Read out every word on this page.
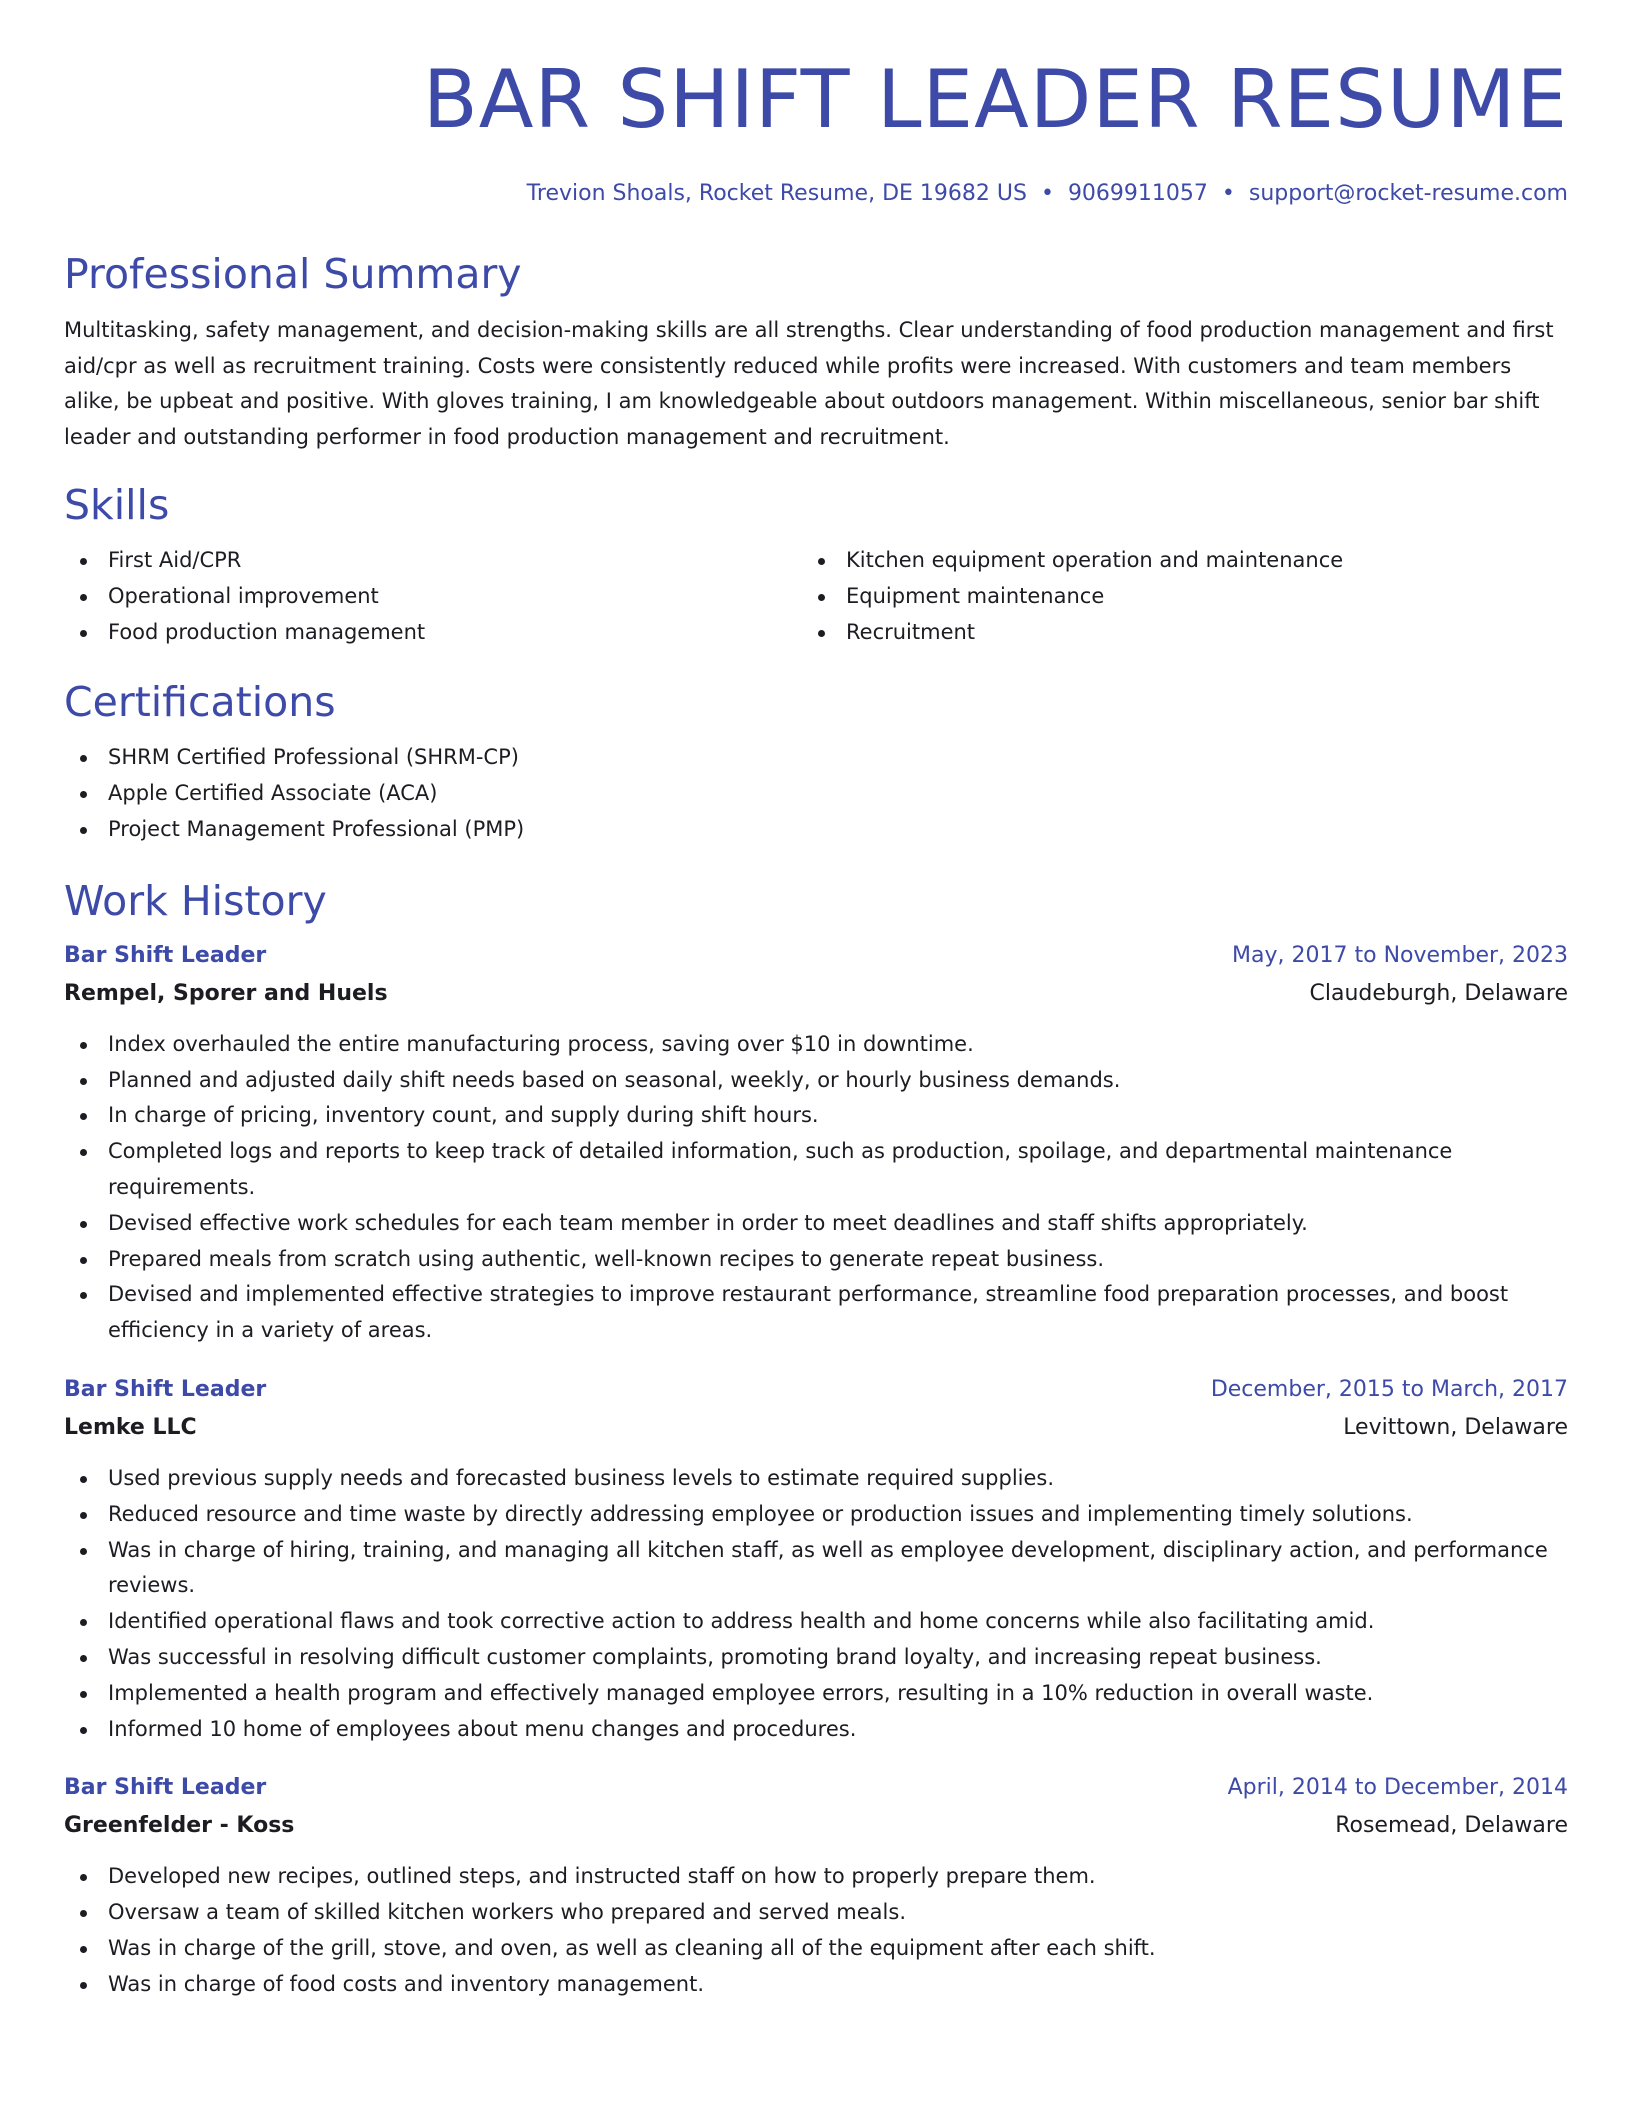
BAR SHIFT LEADER RESUME
Trevion Shoals, Rocket Resume, DE 19682 US • 9069911057 • support@rocket-resume.com
Professional Summary

Multitasking, safety management, and decision-making skills are all strengths. Clear understanding of food production management and first aid/cpr as well as recruitment training. Costs were consistently reduced while profits were increased. With customers and team members alike, be upbeat and positive. With gloves training, I am knowledgeable about outdoors management. Within miscellaneous, senior bar shift leader and outstanding performer in food production management and recruitment.

Skills
First Aid/CPR
Operational improvement
Food production management
Kitchen equipment operation and maintenance
Equipment maintenance
Recruitment
Certifications
SHRM Certified Professional (SHRM-CP)
Apple Certified Associate (ACA)
Project Management Professional (PMP)
Work History
Bar Shift Leader	May, 2017 to November, 2023
Rempel, Sporer and Huels	Claudeburgh, Delaware
Index overhauled the entire manufacturing process, saving over $10 in downtime.
Planned and adjusted daily shift needs based on seasonal, weekly, or hourly business demands.
In charge of pricing, inventory count, and supply during shift hours.
Completed logs and reports to keep track of detailed information, such as production, spoilage, and departmental maintenance requirements.
Devised effective work schedules for each team member in order to meet deadlines and staff shifts appropriately.
Prepared meals from scratch using authentic, well-known recipes to generate repeat business.
Devised and implemented effective strategies to improve restaurant performance, streamline food preparation processes, and boost efficiency in a variety of areas.
Bar Shift Leader	December, 2015 to March, 2017
Lemke LLC	Levittown, Delaware
Used previous supply needs and forecasted business levels to estimate required supplies.
Reduced resource and time waste by directly addressing employee or production issues and implementing timely solutions.
Was in charge of hiring, training, and managing all kitchen staff, as well as employee development, disciplinary action, and performance reviews.
Identified operational flaws and took corrective action to address health and home concerns while also facilitating amid.
Was successful in resolving difficult customer complaints, promoting brand loyalty, and increasing repeat business.
Implemented a health program and effectively managed employee errors, resulting in a 10% reduction in overall waste.
Informed 10 home of employees about menu changes and procedures.
Bar Shift Leader	April, 2014 to December, 2014
Greenfelder - Koss	Rosemead, Delaware
Developed new recipes, outlined steps, and instructed staff on how to properly prepare them.
Oversaw a team of skilled kitchen workers who prepared and served meals.
Was in charge of the grill, stove, and oven, as well as cleaning all of the equipment after each shift.
Was in charge of food costs and inventory management.
